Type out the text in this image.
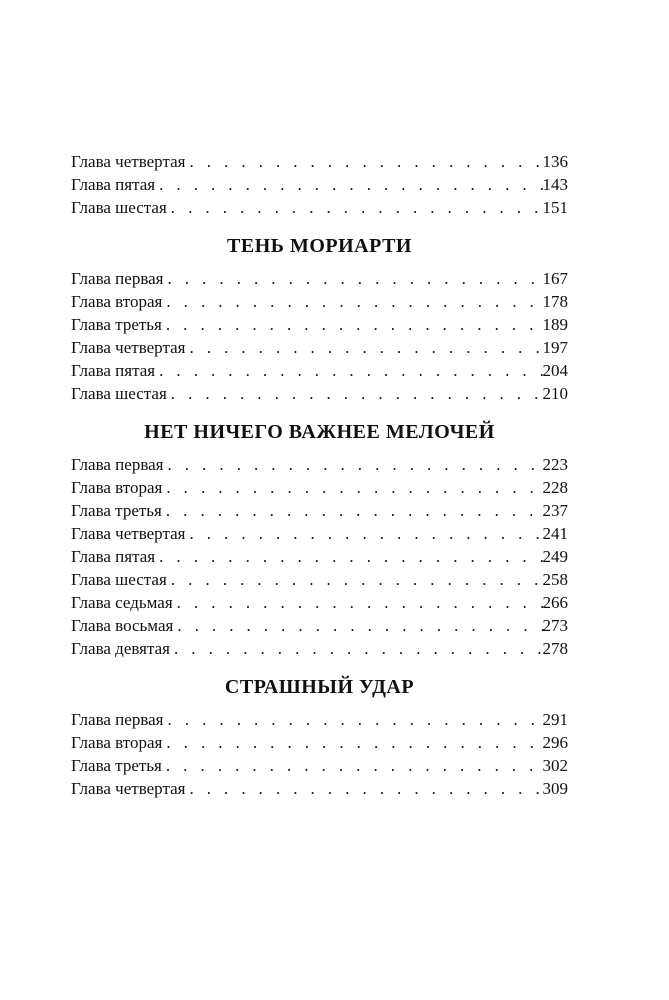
Глава четвертая . . .	136
Глава пятая . . .	143
Глава шестая . . .	151
ТЕНЬ МОРИАРТИ
Глава первая . . .	167
Глава вторая . . .	178
Глава третья . . .	189
Глава четвертая . . .	197
Глава пятая . . .	204
Глава шестая . . .	210
НЕТ НИЧЕГО ВАЖНЕЕ МЕЛОЧЕЙ
Глава первая . . .	223
Глава вторая . . .	228
Глава третья . . .	237
Глава четвертая . . .	241
Глава пятая . . .	249
Глава шестая . . .	258
Глава седьмая . . .	266
Глава восьмая . . .	273
Глава девятая . . .	278
СТРАШНЫЙ УДАР
Глава первая . . .	291
Глава вторая . . .	296
Глава третья . . .	302
Глава четвертая . . .	309
